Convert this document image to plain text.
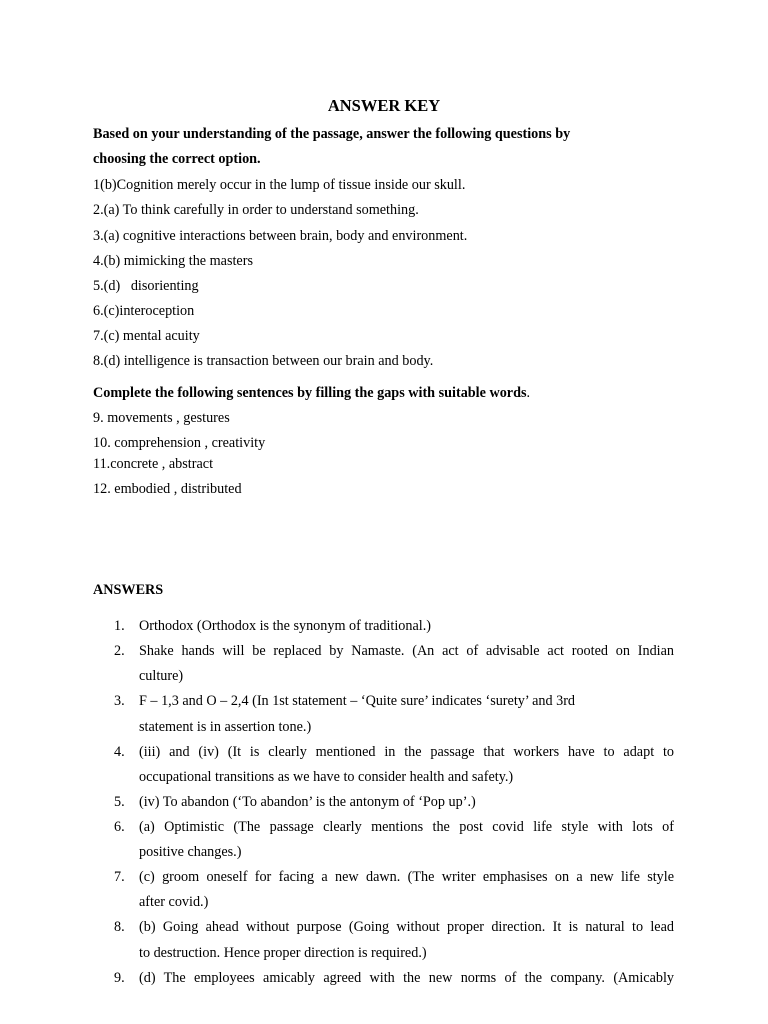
ANSWER KEY
Based on your understanding of the passage, answer the following questions by
choosing the correct option.
1(b)Cognition merely occur in the lump of tissue inside our skull.
2.(a) To think carefully in order to understand something.
3.(a) cognitive interactions between brain, body and environment.
4.(b) mimicking the masters
5.(d)   disorienting
6.(c)interoception
7.(c) mental acuity
8.(d) intelligence is transaction between our brain and body.
Complete the following sentences by filling the gaps with suitable words.
9. movements , gestures
10. comprehension , creativity
11.concrete , abstract
12. embodied , distributed
ANSWERS
1. Orthodox (Orthodox is the synonym of traditional.)
2. Shake hands will be replaced by Namaste. (An act of advisable act rooted on Indian
culture)
3. F – 1,3 and O – 2,4 (In 1st statement – ‘Quite sure’ indicates ‘surety’ and 3rd
statement is in assertion tone.)
4. (iii) and (iv) (It is clearly mentioned in the passage that workers have to adapt to
occupational transitions as we have to consider health and safety.)
5. (iv) To abandon (‘To abandon’ is the antonym of ‘Pop up’.)
6. (a) Optimistic (The passage clearly mentions the post covid life style with lots of
positive changes.)
7. (c) groom oneself for facing a new dawn. (The writer emphasises on a new life style
after covid.)
8. (b) Going ahead without purpose (Going without proper direction. It is natural to lead
to destruction. Hence proper direction is required.)
9. (d) The employees amicably agreed with the new norms of the company. (Amicably
